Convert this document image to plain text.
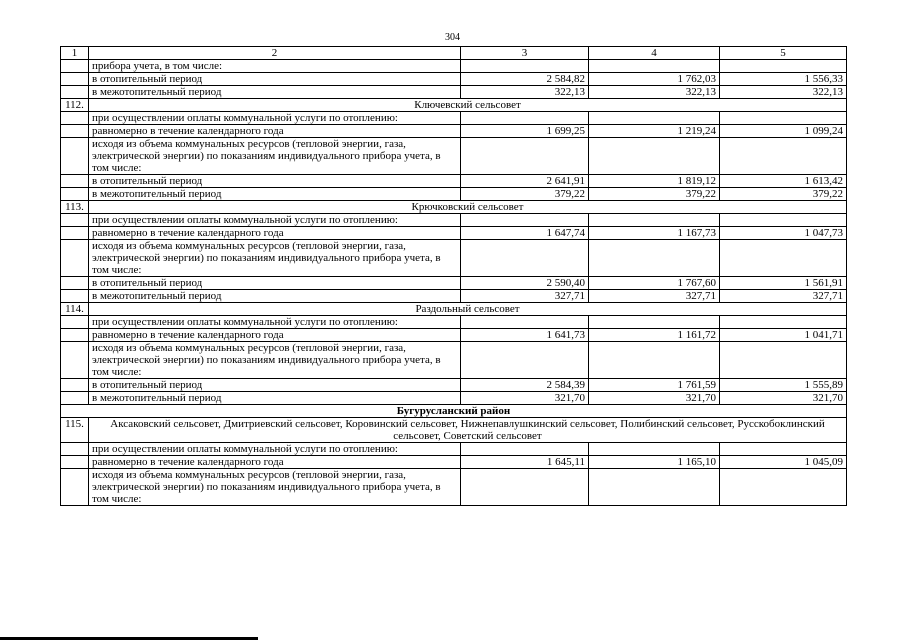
304
1	2	3	4	5
	прибора учета, в том числе:			
	в отопительный период	2 584,82	1 762,03	1 556,33
	в межотопительный период	322,13	322,13	322,13
112.	Ключевский сельсовет			
	при осуществлении оплаты коммунальной услуги по отоплению:			
	равномерно в течение календарного года	1 699,25	1 219,24	1 099,24
	исходя из объема коммунальных ресурсов (тепловой энергии, газа, электрической энергии) по показаниям индивидуального прибора учета, в том числе:			
	в отопительный период	2 641,91	1 819,12	1 613,42
	в межотопительный период	379,22	379,22	379,22
113.	Крючковский сельсовет			
	при осуществлении оплаты коммунальной услуги по отоплению:			
	равномерно в течение календарного года	1 647,74	1 167,73	1 047,73
	исходя из объема коммунальных ресурсов (тепловой энергии, газа, электрической энергии) по показаниям индивидуального прибора учета, в том числе:			
	в отопительный период	2 590,40	1 767,60	1 561,91
	в межотопительный период	327,71	327,71	327,71
114.	Раздольный сельсовет			
	при осуществлении оплаты коммунальной услуги по отоплению:			
	равномерно в течение календарного года	1 641,73	1 161,72	1 041,71
	исходя из объема коммунальных ресурсов (тепловой энергии, газа, электрической энергии) по показаниям индивидуального прибора учета, в том числе:			
	в отопительный период	2 584,39	1 761,59	1 555,89
	в межотопительный период	321,70	321,70	321,70
Бугурусланский район				
115.	Аксаковский сельсовет, Дмитриевский сельсовет, Коровинский сельсовет, Нижнепавлушкинский сельсовет, Полибинский сельсовет, Русскобоклинский сельсовет, Советский сельсовет			
	при осуществлении оплаты коммунальной услуги по отоплению:			
	равномерно в течение календарного года	1 645,11	1 165,10	1 045,09
	исходя из объема коммунальных ресурсов (тепловой энергии, газа, электрической энергии) по показаниям индивидуального прибора учета, в том числе:			
